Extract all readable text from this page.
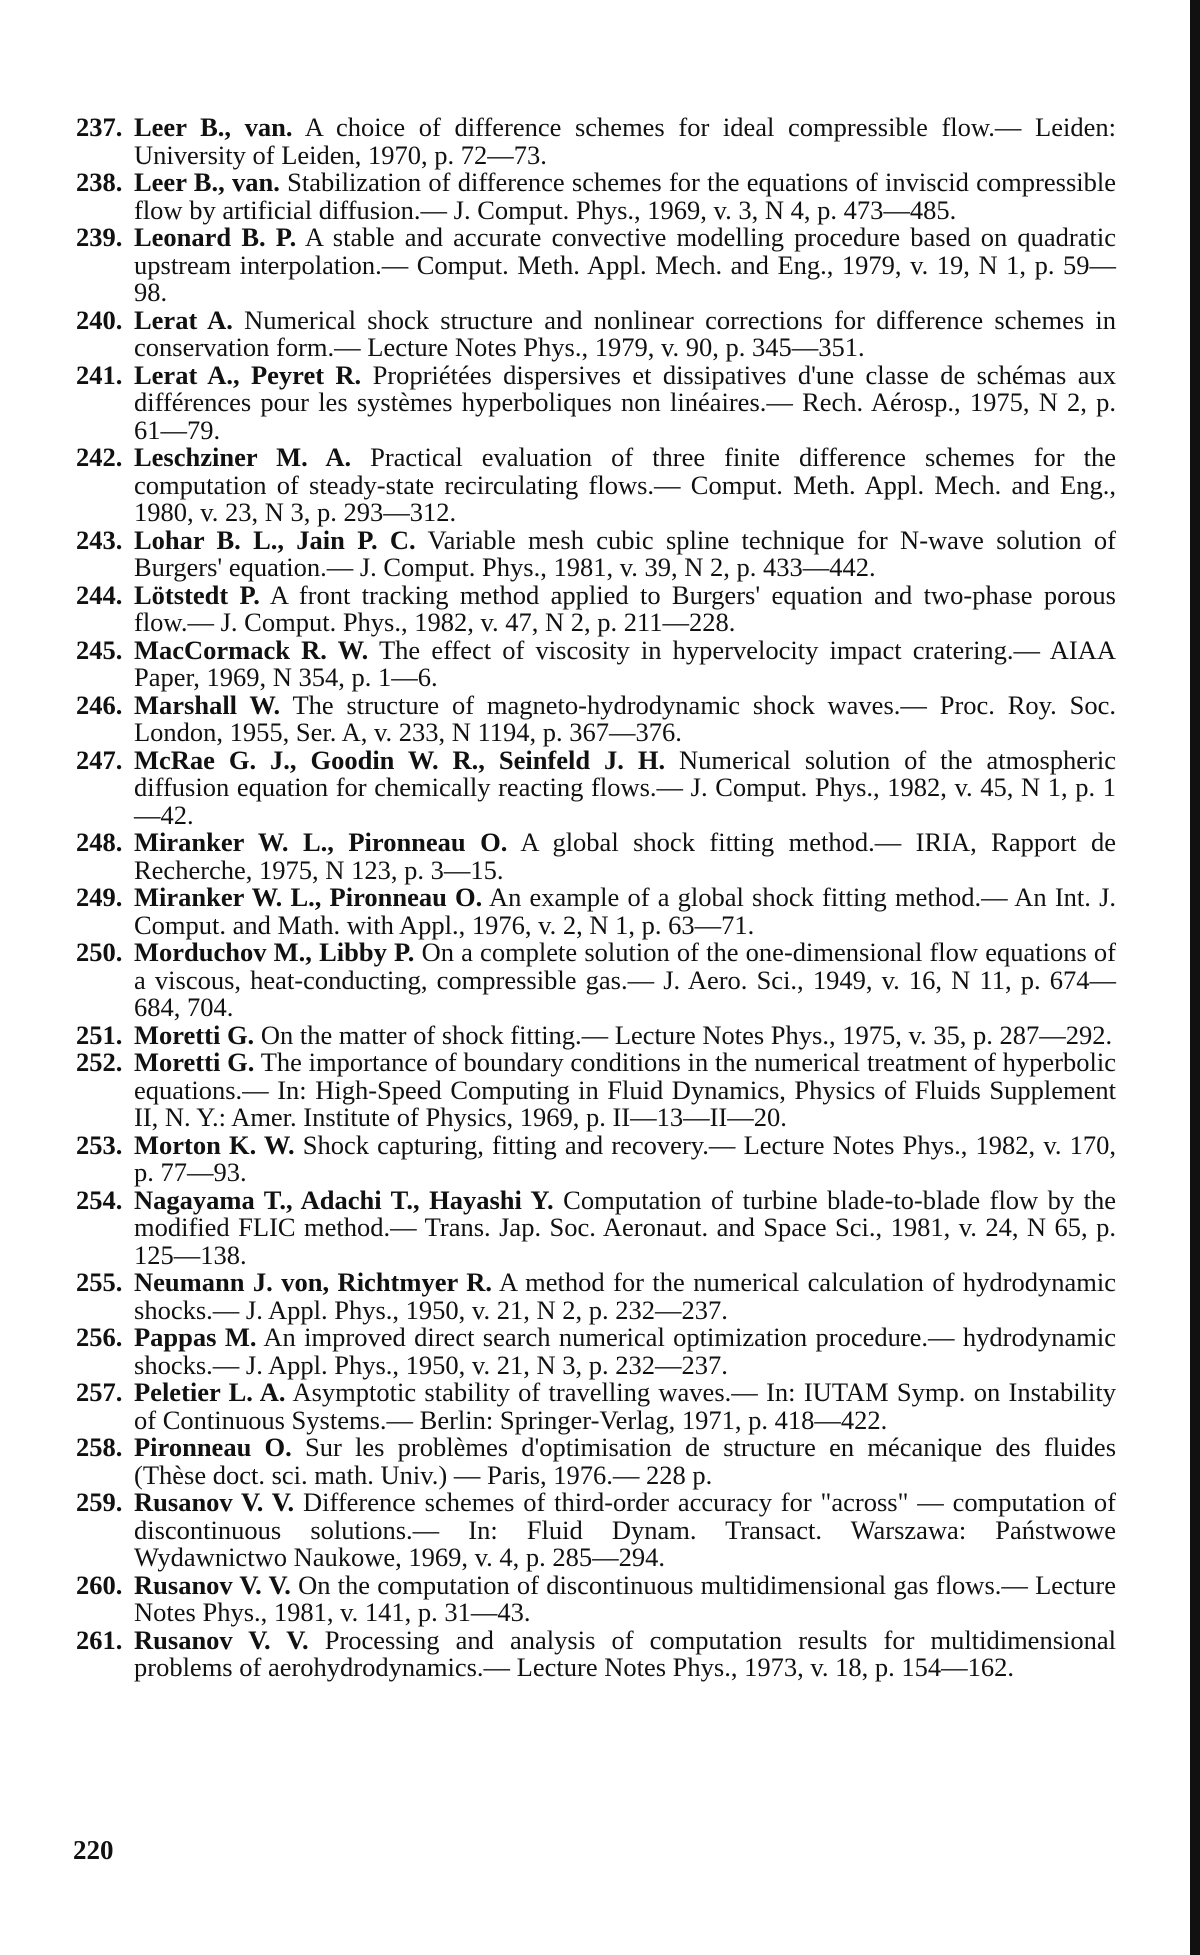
237. Leer B., van. A choice of difference schemes for ideal compressible flow.— Leiden: University of Leiden, 1970, p. 72—73.
238. Leer B., van. Stabilization of difference schemes for the equations of inviscid compressible flow by artificial diffusion.— J. Comput. Phys., 1969, v. 3, N 4, p. 473—485.
239. Leonard B. P. A stable and accurate convective modelling procedure based on quadratic upstream interpolation.— Comput. Meth. Appl. Mech. and Eng., 1979, v. 19, N 1, p. 59—98.
240. Lerat A. Numerical shock structure and nonlinear corrections for difference schemes in conservation form.— Lecture Notes Phys., 1979, v. 90, p. 345—351.
241. Lerat A., Peyret R. Propriétées dispersives et dissipatives d'une classe de schémas aux différences pour les systèmes hyperboliques non linéaires.— Rech. Aérosp., 1975, N 2, p. 61—79.
242. Leschziner M. A. Practical evaluation of three finite difference schemes for the computation of steady-state recirculating flows.— Comput. Meth. Appl. Mech. and Eng., 1980, v. 23, N 3, p. 293—312.
243. Lohar B. L., Jain P. C. Variable mesh cubic spline technique for N-wave solution of Burgers' equation.— J. Comput. Phys., 1981, v. 39, N 2, p. 433—442.
244. Lötstedt P. A front tracking method applied to Burgers' equation and two-phase porous flow.— J. Comput. Phys., 1982, v. 47, N 2, p. 211—228.
245. MacCormack R. W. The effect of viscosity in hypervelocity impact cratering.— AIAA Paper, 1969, N 354, p. 1—6.
246. Marshall W. The structure of magneto-hydrodynamic shock waves.— Proc. Roy. Soc. London, 1955, Ser. A, v. 233, N 1194, p. 367—376.
247. McRae G. J., Goodin W. R., Seinfeld J. H. Numerical solution of the atmospheric diffusion equation for chemically reacting flows.— J. Comput. Phys., 1982, v. 45, N 1, p. 1—42.
248. Miranker W. L., Pironneau O. A global shock fitting method.— IRIA, Rapport de Recherche, 1975, N 123, p. 3—15.
249. Miranker W. L., Pironneau O. An example of a global shock fitting method.— An Int. J. Comput. and Math. with Appl., 1976, v. 2, N 1, p. 63—71.
250. Morduchov M., Libby P. On a complete solution of the one-dimensional flow equations of a viscous, heat-conducting, compressible gas.— J. Aero. Sci., 1949, v. 16, N 11, p. 674—684, 704.
251. Moretti G. On the matter of shock fitting.— Lecture Notes Phys., 1975, v. 35, p. 287—292.
252. Moretti G. The importance of boundary conditions in the numerical treatment of hyperbolic equations.— In: High-Speed Computing in Fluid Dynamics, Physics of Fluids Supplement II, N. Y.: Amer. Institute of Physics, 1969, p. II—13—II—20.
253. Morton K. W. Shock capturing, fitting and recovery.— Lecture Notes Phys., 1982, v. 170, p. 77—93.
254. Nagayama T., Adachi T., Hayashi Y. Computation of turbine blade-to-blade flow by the modified FLIC method.— Trans. Jap. Soc. Aeronaut. and Space Sci., 1981, v. 24, N 65, p. 125—138.
255. Neumann J. von, Richtmyer R. A method for the numerical calculation of hydrodynamic shocks.— J. Appl. Phys., 1950, v. 21, N 2, p. 232—237.
256. Pappas M. An improved direct search numerical optimization procedure.— hydrodynamic shocks.— J. Appl. Phys., 1950, v. 21, N 3, p. 232—237.
257. Peletier L. A. Asymptotic stability of travelling waves.— In: IUTAM Symp. on Instability of Continuous Systems.— Berlin: Springer-Verlag, 1971, p. 418—422.
258. Pironneau O. Sur les problèmes d'optimisation de structure en mécanique des fluides (Thèse doct. sci. math. Univ.) — Paris, 1976.— 228 p.
259. Rusanov V. V. Difference schemes of third-order accuracy for "across" — computation of discontinuous solutions.— In: Fluid Dynam. Transact. Warszawa: Państwowe Wydawnictwo Naukowe, 1969, v. 4, p. 285—294.
260. Rusanov V. V. On the computation of discontinuous multidimensional gas flows.— Lecture Notes Phys., 1981, v. 141, p. 31—43.
261. Rusanov V. V. Processing and analysis of computation results for multidimensional problems of aerohydrodynamics.— Lecture Notes Phys., 1973, v. 18, p. 154—162.
220
